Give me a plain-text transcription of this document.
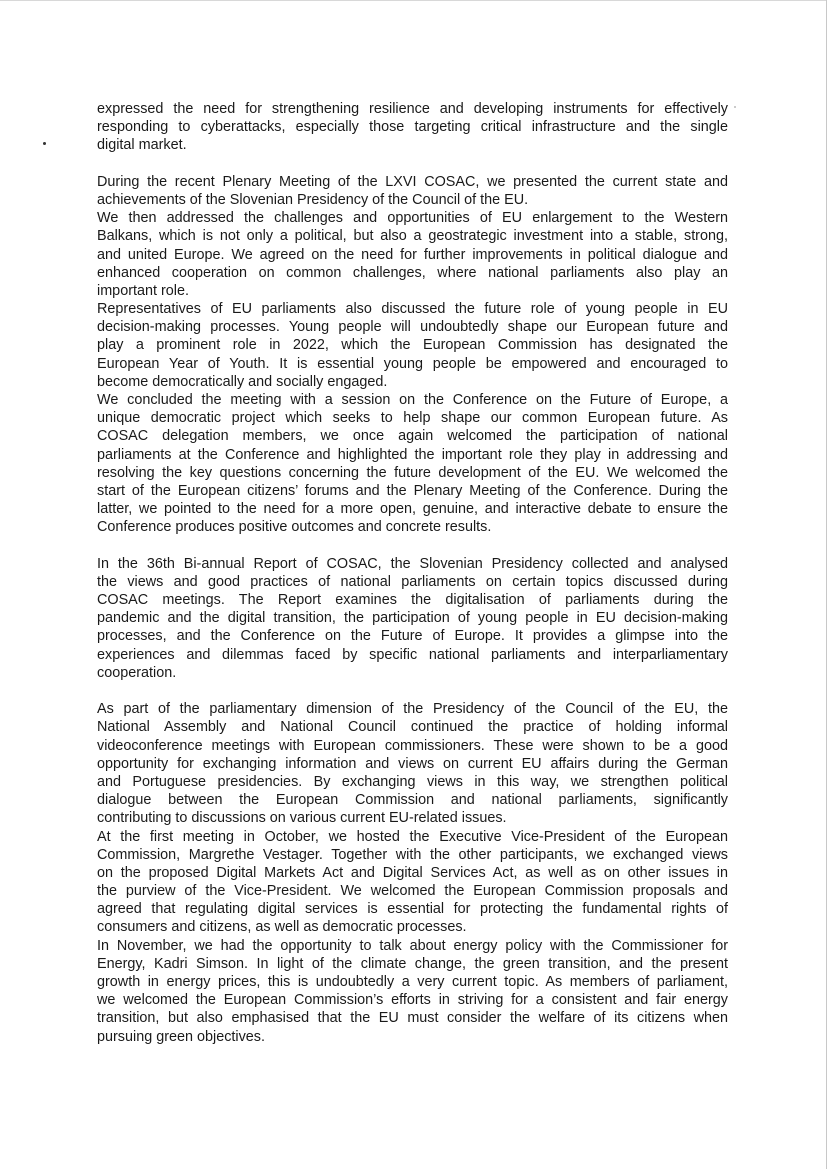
expressed the need for strengthening resilience and developing instruments for effectively
responding to cyberattacks, especially those targeting critical infrastructure and the single
digital market.
During the recent Plenary Meeting of the LXVI COSAC, we presented the current state and
achievements of the Slovenian Presidency of the Council of the EU.
We then addressed the challenges and opportunities of EU enlargement to the Western
Balkans, which is not only a political, but also a geostrategic investment into a stable, strong,
and united Europe. We agreed on the need for further improvements in political dialogue and
enhanced cooperation on common challenges, where national parliaments also play an
important role.
Representatives of EU parliaments also discussed the future role of young people in EU
decision-making processes. Young people will undoubtedly shape our European future and
play a prominent role in 2022, which the European Commission has designated the
European Year of Youth. It is essential young people be empowered and encouraged to
become democratically and socially engaged.
We concluded the meeting with a session on the Conference on the Future of Europe, a
unique democratic project which seeks to help shape our common European future. As
COSAC delegation members, we once again welcomed the participation of national
parliaments at the Conference and highlighted the important role they play in addressing and
resolving the key questions concerning the future development of the EU. We welcomed the
start of the European citizens’ forums and the Plenary Meeting of the Conference. During the
latter, we pointed to the need for a more open, genuine, and interactive debate to ensure the
Conference produces positive outcomes and concrete results.
In the 36th Bi-annual Report of COSAC, the Slovenian Presidency collected and analysed
the views and good practices of national parliaments on certain topics discussed during
COSAC meetings. The Report examines the digitalisation of parliaments during the
pandemic and the digital transition, the participation of young people in EU decision-making
processes, and the Conference on the Future of Europe. It provides a glimpse into the
experiences and dilemmas faced by specific national parliaments and interparliamentary
cooperation.
As part of the parliamentary dimension of the Presidency of the Council of the EU, the
National Assembly and National Council continued the practice of holding informal
videoconference meetings with European commissioners. These were shown to be a good
opportunity for exchanging information and views on current EU affairs during the German
and Portuguese presidencies. By exchanging views in this way, we strengthen political
dialogue between the European Commission and national parliaments, significantly
contributing to discussions on various current EU-related issues.
At the first meeting in October, we hosted the Executive Vice-President of the European
Commission, Margrethe Vestager. Together with the other participants, we exchanged views
on the proposed Digital Markets Act and Digital Services Act, as well as on other issues in
the purview of the Vice-President. We welcomed the European Commission proposals and
agreed that regulating digital services is essential for protecting the fundamental rights of
consumers and citizens, as well as democratic processes.
In November, we had the opportunity to talk about energy policy with the Commissioner for
Energy, Kadri Simson. In light of the climate change, the green transition, and the present
growth in energy prices, this is undoubtedly a very current topic. As members of parliament,
we welcomed the European Commission’s efforts in striving for a consistent and fair energy
transition, but also emphasised that the EU must consider the welfare of its citizens when
pursuing green objectives.
